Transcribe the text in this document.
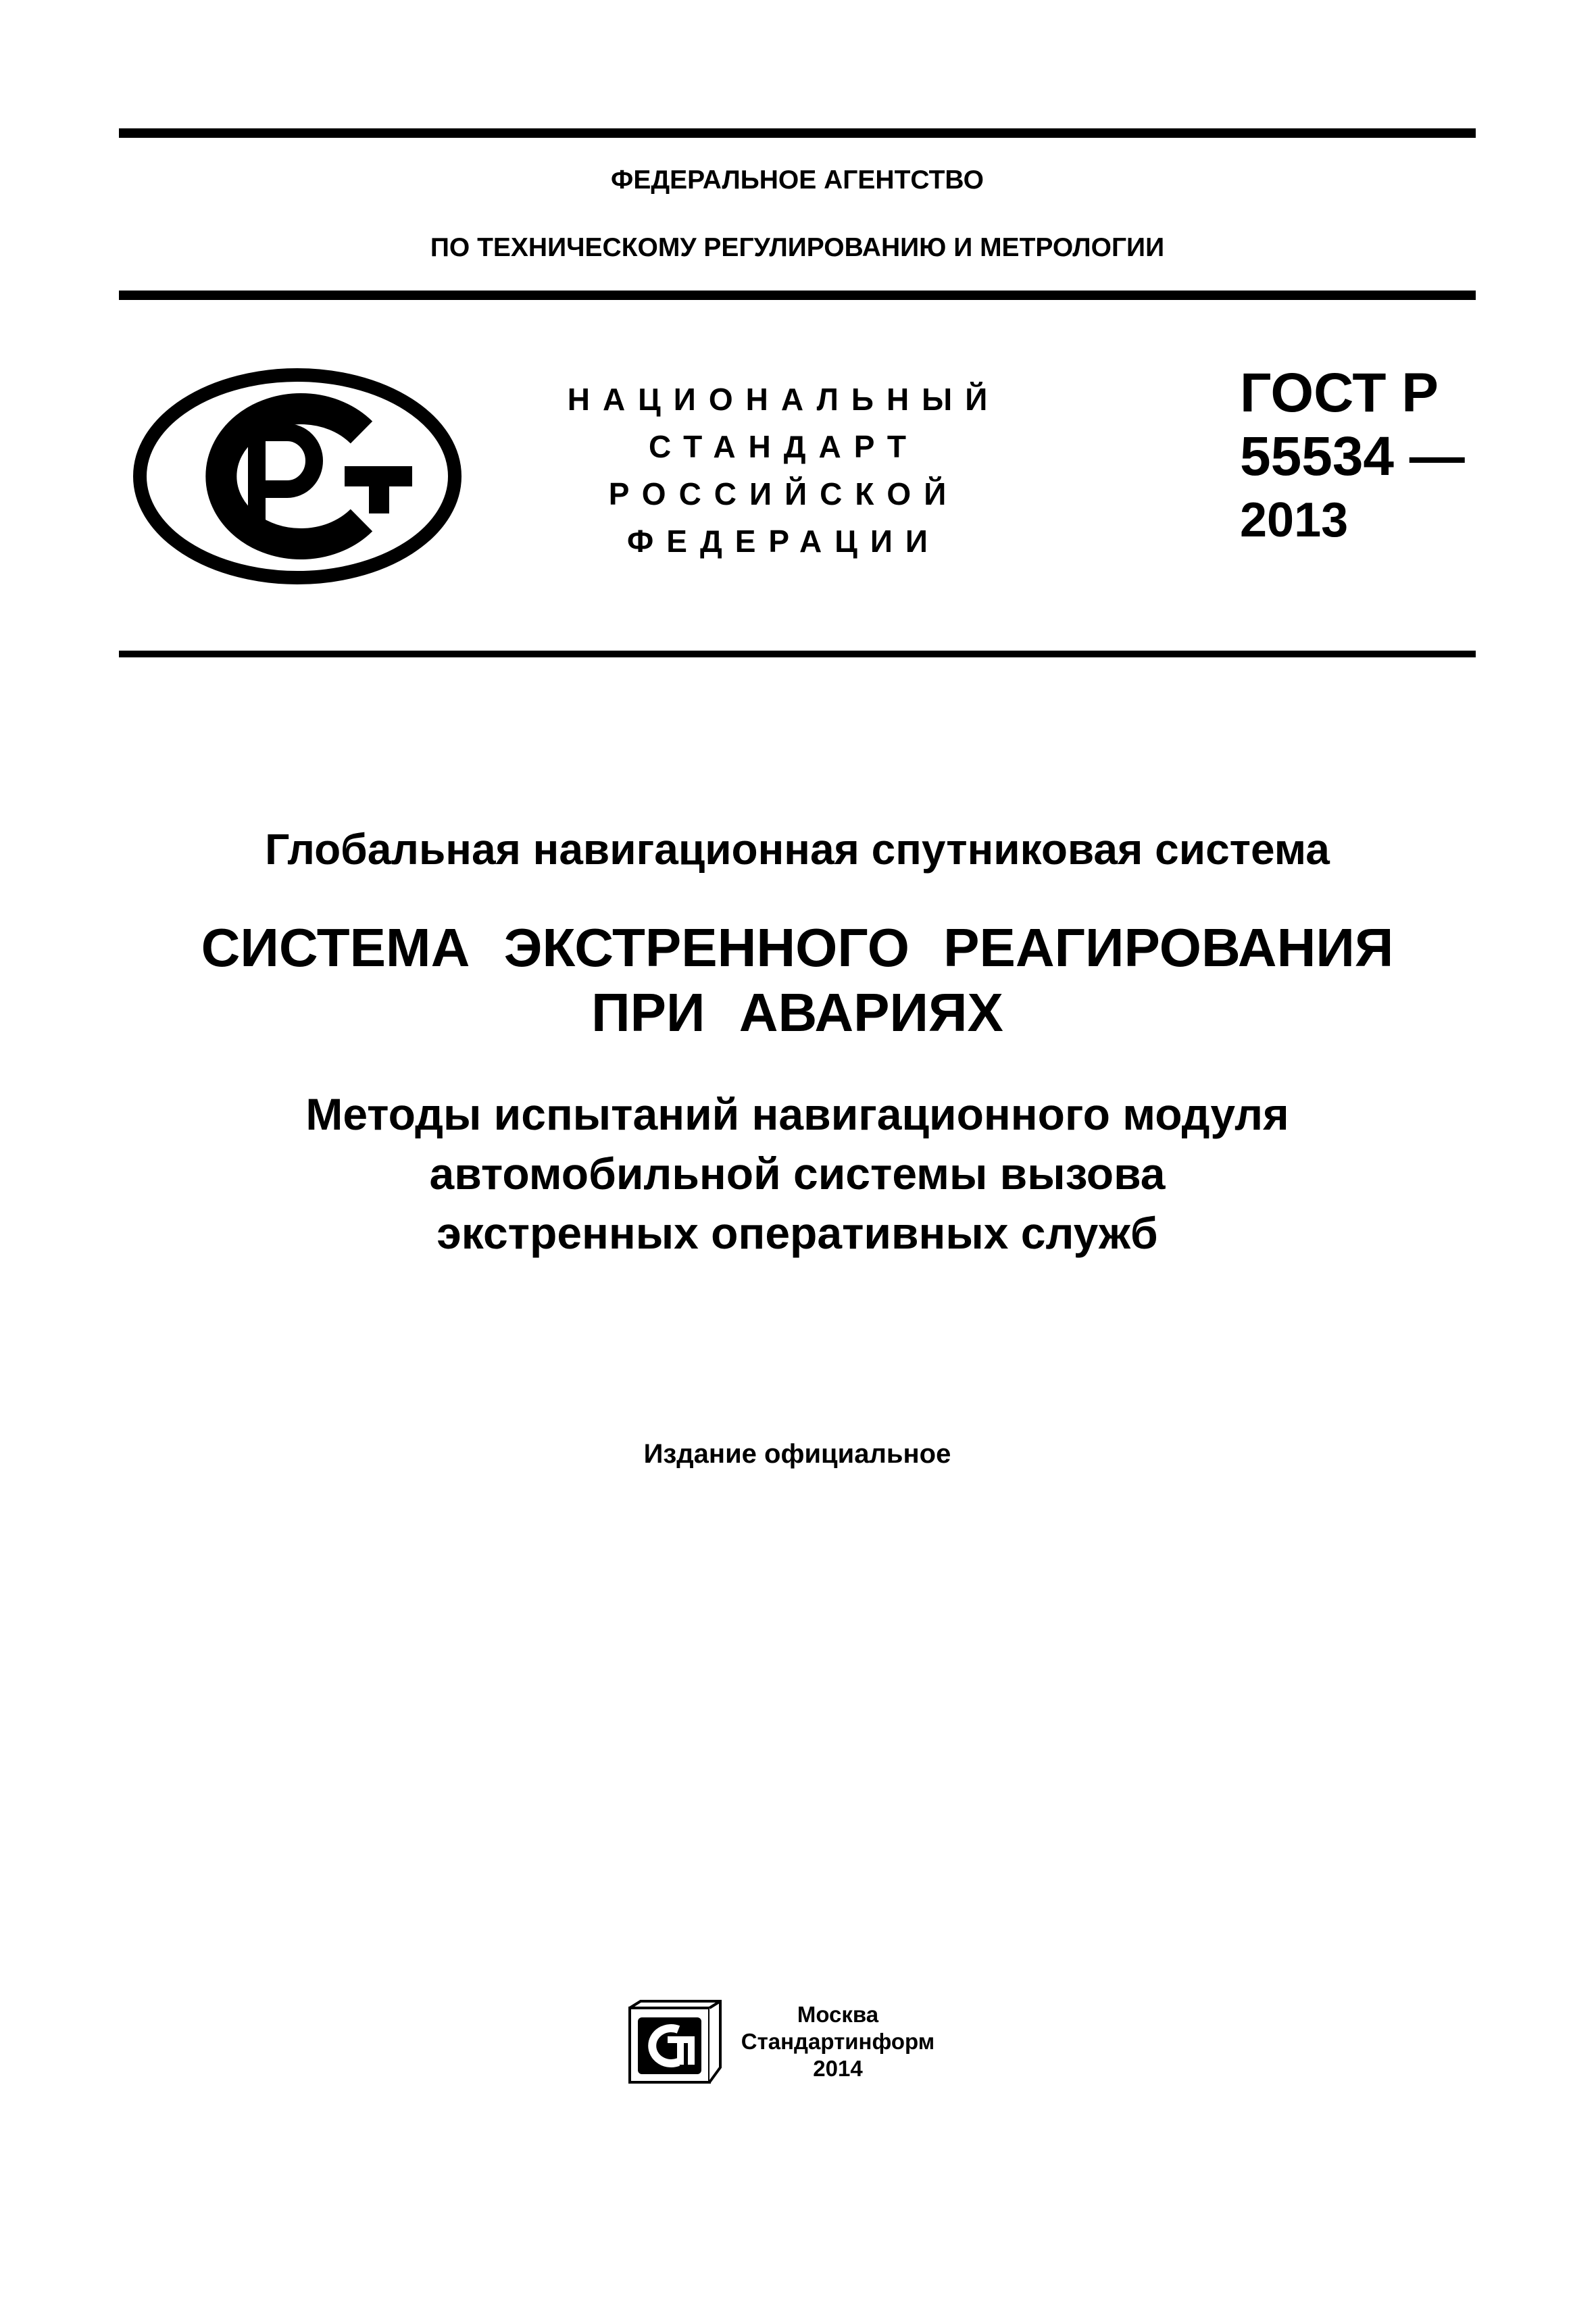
ФЕДЕРАЛЬНОЕ АГЕНТСТВО
ПО ТЕХНИЧЕСКОМУ РЕГУЛИРОВАНИЮ И МЕТРОЛОГИИ
НАЦИОНАЛЬНЫЙ
СТАНДАРТ
РОССИЙСКОЙ
ФЕДЕРАЦИИ
ГОСТ Р
55534 —
2013
Глобальная навигационная спутниковая система
СИСТЕМА ЭКСТРЕННОГО РЕАГИРОВАНИЯ
ПРИ АВАРИЯХ
Методы испытаний навигационного модуля
автомобильной системы вызова
экстренных оперативных служб
Издание официальное
Москва
Стандартинформ
2014
